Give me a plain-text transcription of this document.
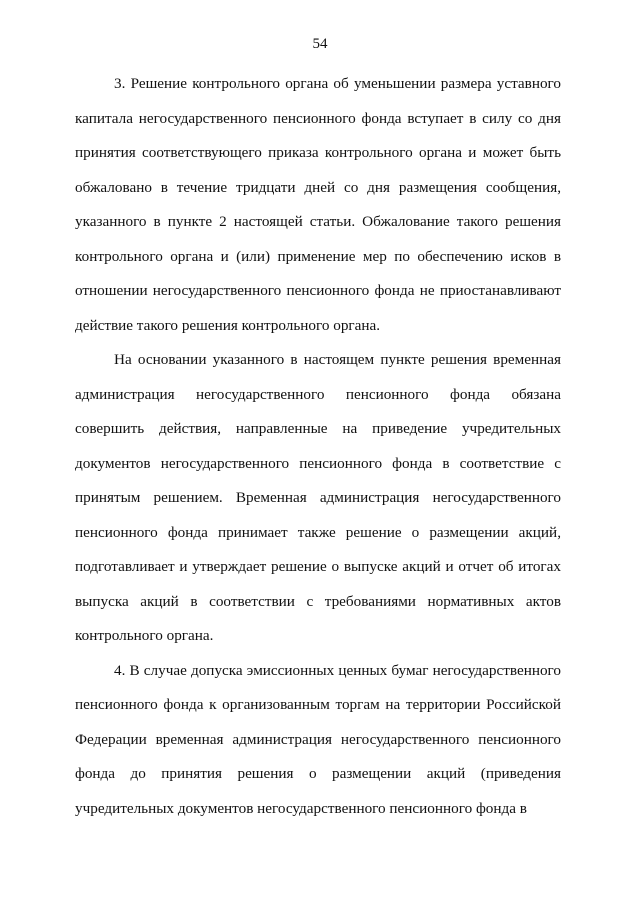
54

3. Решение контрольного органа об уменьшении размера уставного капитала негосударственного пенсионного фонда вступает в силу со дня принятия соответствующего приказа контрольного органа и может быть обжаловано в течение тридцати дней со дня размещения сообщения, указанного в пункте 2 настоящей статьи. Обжалование такого решения контрольного органа и (или) применение мер по обеспечению исков в отношении негосударственного пенсионного фонда не приостанавливают действие такого решения контрольного органа.

На основании указанного в настоящем пункте решения временная администрация негосударственного пенсионного фонда обязана совершить действия, направленные на приведение учредительных документов негосударственного пенсионного фонда в соответствие с принятым решением. Временная администрация негосударственного пенсионного фонда принимает также решение о размещении акций, подготавливает и утверждает решение о выпуске акций и отчет об итогах выпуска акций в соответствии с требованиями нормативных актов контрольного органа.

4. В случае допуска эмиссионных ценных бумаг негосударственного пенсионного фонда к организованным торгам на территории Российской Федерации временная администрация негосударственного пенсионного фонда до принятия решения о размещении акций (приведения учредительных документов негосударственного пенсионного фонда в
